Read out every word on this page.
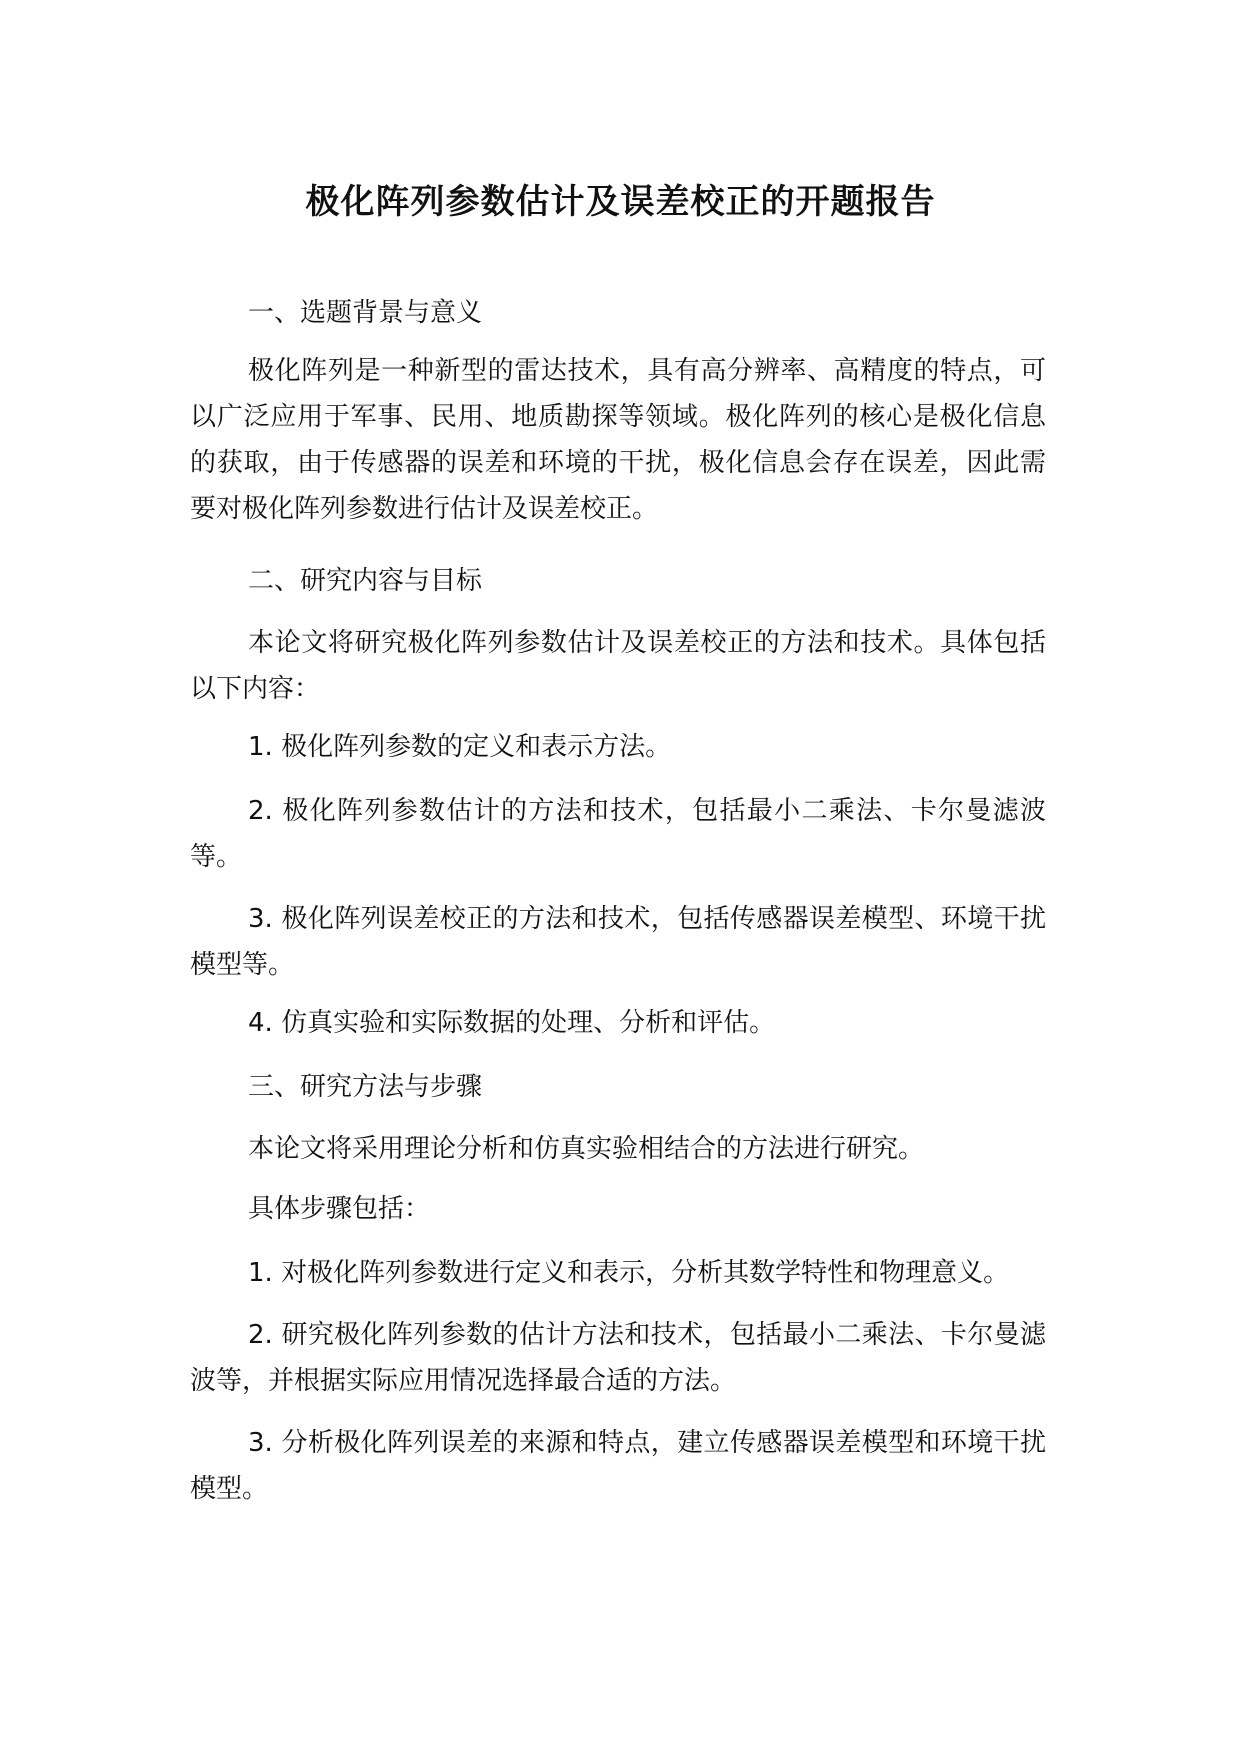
极化阵列参数估计及误差校正的开题报告

一、选题背景与意义

极化阵列是一种新型的雷达技术，具有高分辨率、高精度的特点，可以广泛应用于军事、民用、地质勘探等领域。极化阵列的核心是极化信息的获取，由于传感器的误差和环境的干扰，极化信息会存在误差，因此需要对极化阵列参数进行估计及误差校正。

二、研究内容与目标

本论文将研究极化阵列参数估计及误差校正的方法和技术。具体包括以下内容：

1. 极化阵列参数的定义和表示方法。

2. 极化阵列参数估计的方法和技术，包括最小二乘法、卡尔曼滤波等。

3. 极化阵列误差校正的方法和技术，包括传感器误差模型、环境干扰模型等。

4. 仿真实验和实际数据的处理、分析和评估。

三、研究方法与步骤

本论文将采用理论分析和仿真实验相结合的方法进行研究。

具体步骤包括：

1. 对极化阵列参数进行定义和表示，分析其数学特性和物理意义。

2. 研究极化阵列参数的估计方法和技术，包括最小二乘法、卡尔曼滤波等，并根据实际应用情况选择最合适的方法。

3. 分析极化阵列误差的来源和特点，建立传感器误差模型和环境干扰模型。
